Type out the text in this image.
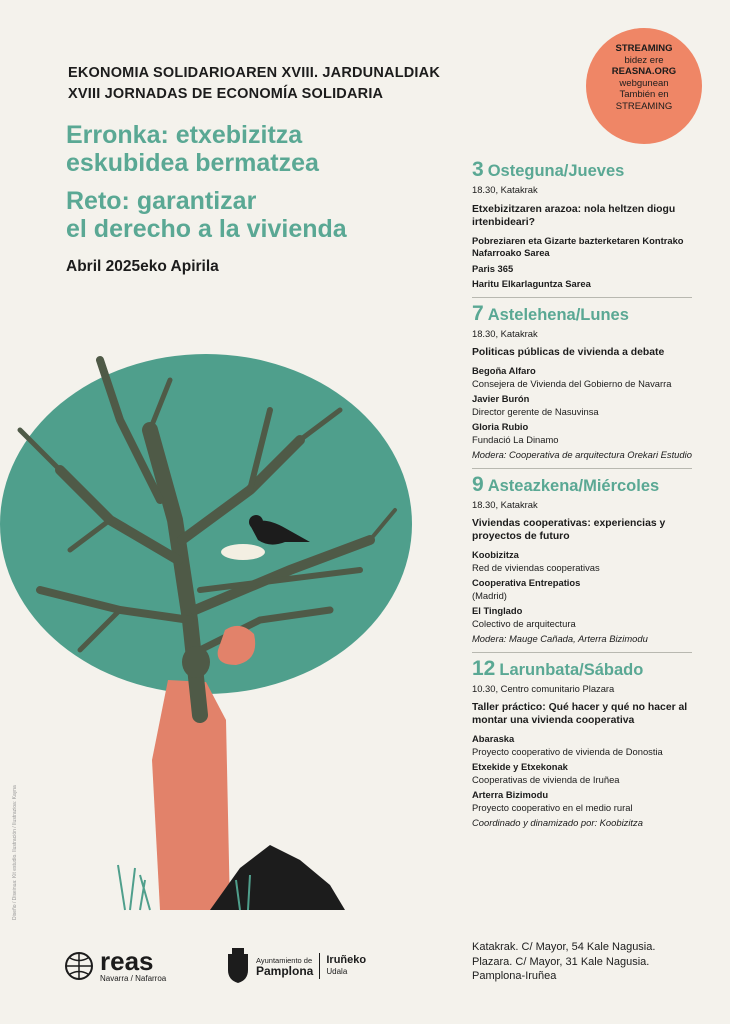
EKONOMIA SOLIDARIOAREN XVIII. JARDUNALDIAK
XVIII JORNADAS DE ECONOMÍA SOLIDARIA
Erronka: etxebizitza
eskubidea bermatzea
Reto: garantizar
el derecho a la vivienda
Abril 2025eko Apirila
STREAMING
bidez ere
REASNA.ORG
webgunean
También en
STREAMING
3 Osteguna/Jueves
18.30, Katakrak
Etxebizitzaren arazoa: nola heltzen diogu irtenbideari?
Pobreziaren eta Gizarte bazterketaren Kontrako Nafarroako Sarea
Paris 365
Haritu Elkarlaguntza Sarea
7 Astelehena/Lunes
18.30, Katakrak
Politicas públicas de vivienda a debate
Begoña Alfaro
Consejera de Vivienda del Gobierno de Navarra
Javier Burón
Director gerente de Nasuvinsa
Gloria Rubio
Fundació La Dinamo
Modera: Cooperativa de arquitectura Orekari Estudio
9 Asteazkena/Miércoles
18.30, Katakrak
Viviendas cooperativas: experiencias y proyectos de futuro
Koobizitza
Red de viviendas cooperativas
Cooperativa Entrepatios
(Madrid)
El Tinglado
Colectivo de arquitectura
Modera: Mauge Cañada, Arterra Bizimodu
12 Larunbata/Sábado
10.30, Centro comunitario Plazara
Taller práctico: Qué hacer y qué no hacer al montar una vivienda cooperativa
Abaraska
Proyecto cooperativo de vivienda de Donostia
Etxekide y Etxekonak
Cooperativas de vivienda de Iruñea
Arterra Bizimodu
Proyecto cooperativo en el medio rural
Coordinado y dinamizado por: Koobizitza
Katakrak. C/ Mayor, 54 Kale Nagusia.
Plazara. C/ Mayor, 31 Kale Nagusia.
Pamplona-Iruñea
reas
Navarra / Nafarroa
Ayuntamiento de
Pamplona
Iruñeko
Udala
Diseño / Diseinua: Kit estudio. Ilustración / Ilustrazioa: Kayna
